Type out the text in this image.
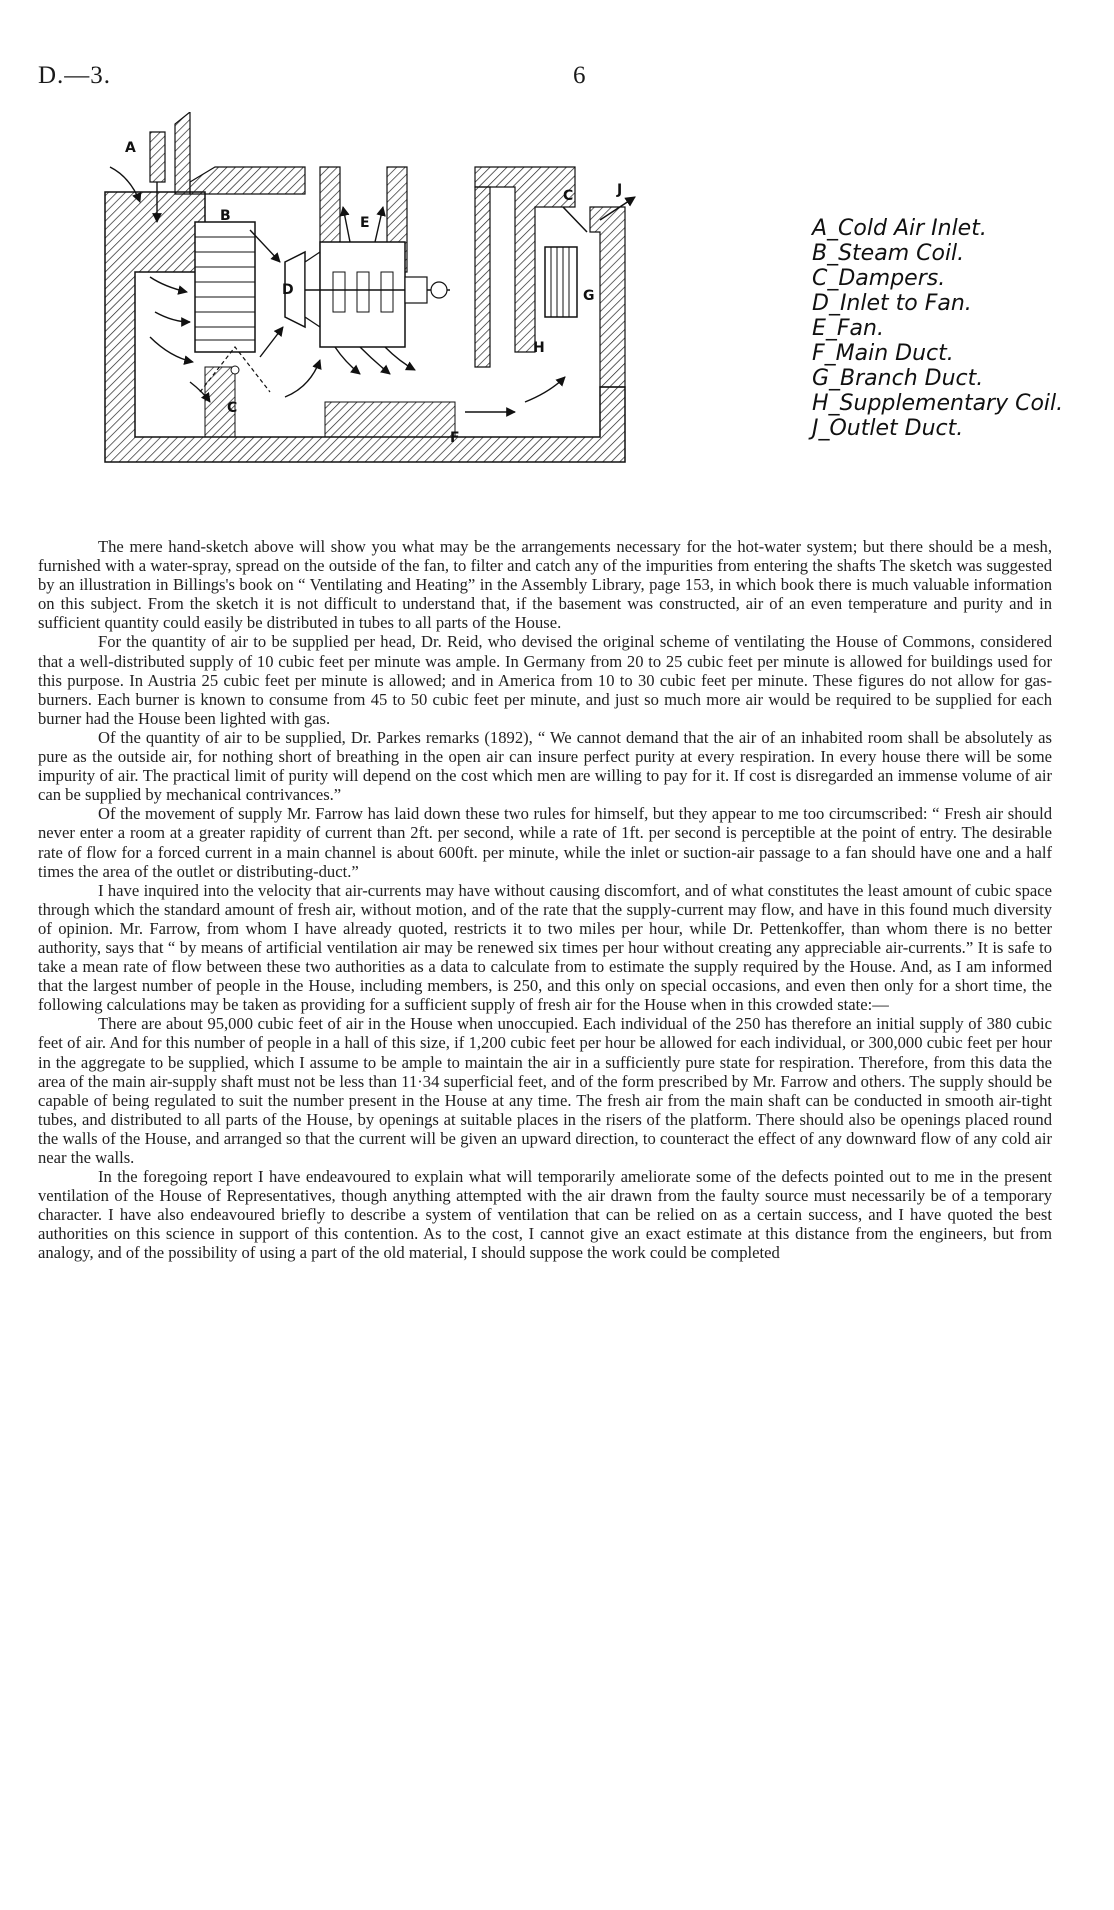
D.—3.	6
A
B
C
C
D
E
F
G
H
J
A_Cold Air Inlet.
B_Steam Coil.
C_Dampers.
D_Inlet to Fan.
E_Fan.
F_Main Duct.
G_Branch Duct.
H_Supplementary Coil.
J_Outlet Duct.

The mere hand-sketch above will show you what may be the arrangements necessary for the hot-water system; but there should be a mesh, furnished with a water-spray, spread on the outside of the fan, to filter and catch any of the impurities from entering the shafts The sketch was suggested by an illustration in Billings's book on “ Ventilating and Heating” in the Assembly Library, page 153, in which book there is much valuable information on this subject. From the sketch it is not difficult to understand that, if the basement was constructed, air of an even temperature and purity and in sufficient quantity could easily be distributed in tubes to all parts of the House.

For the quantity of air to be supplied per head, Dr. Reid, who devised the original scheme of ventilating the House of Commons, considered that a well-distributed supply of 10 cubic feet per minute was ample. In Germany from 20 to 25 cubic feet per minute is allowed for buildings used for this purpose. In Austria 25 cubic feet per minute is allowed; and in America from 10 to 30 cubic feet per minute. These figures do not allow for gas-burners. Each burner is known to consume from 45 to 50 cubic feet per minute, and just so much more air would be required to be supplied for each burner had the House been lighted with gas.

Of the quantity of air to be supplied, Dr. Parkes remarks (1892), “ We cannot demand that the air of an inhabited room shall be absolutely as pure as the outside air, for nothing short of breathing in the open air can insure perfect purity at every respiration. In every house there will be some impurity of air. The practical limit of purity will depend on the cost which men are willing to pay for it. If cost is disregarded an immense volume of air can be supplied by mechanical contrivances.”

Of the movement of supply Mr. Farrow has laid down these two rules for himself, but they appear to me too circumscribed: “ Fresh air should never enter a room at a greater rapidity of current than 2ft. per second, while a rate of 1ft. per second is perceptible at the point of entry. The desirable rate of flow for a forced current in a main channel is about 600ft. per minute, while the inlet or suction-air passage to a fan should have one and a half times the area of the outlet or distributing-duct.”

I have inquired into the velocity that air-currents may have without causing discomfort, and of what constitutes the least amount of cubic space through which the standard amount of fresh air, without motion, and of the rate that the supply-current may flow, and have in this found much diversity of opinion. Mr. Farrow, from whom I have already quoted, restricts it to two miles per hour, while Dr. Pettenkoffer, than whom there is no better authority, says that “ by means of artificial ventilation air may be renewed six times per hour without creating any appreciable air-currents.” It is safe to take a mean rate of flow between these two authorities as a data to calculate from to estimate the supply required by the House. And, as I am informed that the largest number of people in the House, including members, is 250, and this only on special occasions, and even then only for a short time, the following calculations may be taken as providing for a sufficient supply of fresh air for the House when in this crowded state:—

There are about 95,000 cubic feet of air in the House when unoccupied. Each individual of the 250 has therefore an initial supply of 380 cubic feet of air. And for this number of people in a hall of this size, if 1,200 cubic feet per hour be allowed for each individual, or 300,000 cubic feet per hour in the aggregate to be supplied, which I assume to be ample to maintain the air in a sufficiently pure state for respiration. Therefore, from this data the area of the main air-supply shaft must not be less than 11·34 superficial feet, and of the form prescribed by Mr. Farrow and others. The supply should be capable of being regulated to suit the number present in the House at any time. The fresh air from the main shaft can be conducted in smooth air-tight tubes, and distributed to all parts of the House, by openings at suitable places in the risers of the platform. There should also be openings placed round the walls of the House, and arranged so that the current will be given an upward direction, to counteract the effect of any downward flow of any cold air near the walls.

In the foregoing report I have endeavoured to explain what will temporarily ameliorate some of the defects pointed out to me in the present ventilation of the House of Representatives, though anything attempted with the air drawn from the faulty source must necessarily be of a temporary character. I have also endeavoured briefly to describe a system of ventilation that can be relied on as a certain success, and I have quoted the best authorities on this science in support of this contention. As to the cost, I cannot give an exact estimate at this distance from the engineers, but from analogy, and of the possibility of using a part of the old material, I should suppose the work could be completed
